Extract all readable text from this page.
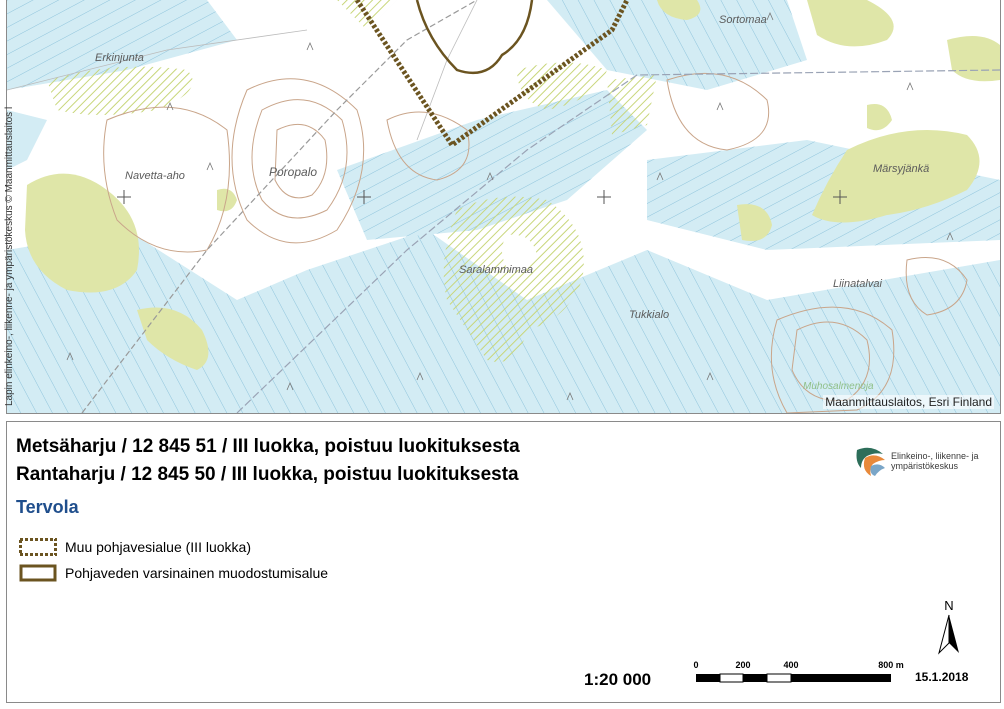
Erkinjunta
Navetta-aho	Poropalo
Sortomaa
Märsyjänkä
Saralammimaa
Tukkialo
Liinatalvai
Muhosalmenoja
Maanmittauslaitos, Esri Finland
Lapin elinkeino-, liikenne- ja ympäristökeskus © Maanmittauslaitos l
Metsäharju / 12 845 51 / III luokka, poistuu luokituksesta
Rantaharju / 12 845 50 / III luokka, poistuu luokituksesta
Tervola
Muu pohjavesialue (III luokka)
Pohjaveden varsinainen muodostumisalue
Elinkeino-, liikenne- ja
ympäristökeskus
N
1:20 000
0	200	400	800 m
15.1.2018
